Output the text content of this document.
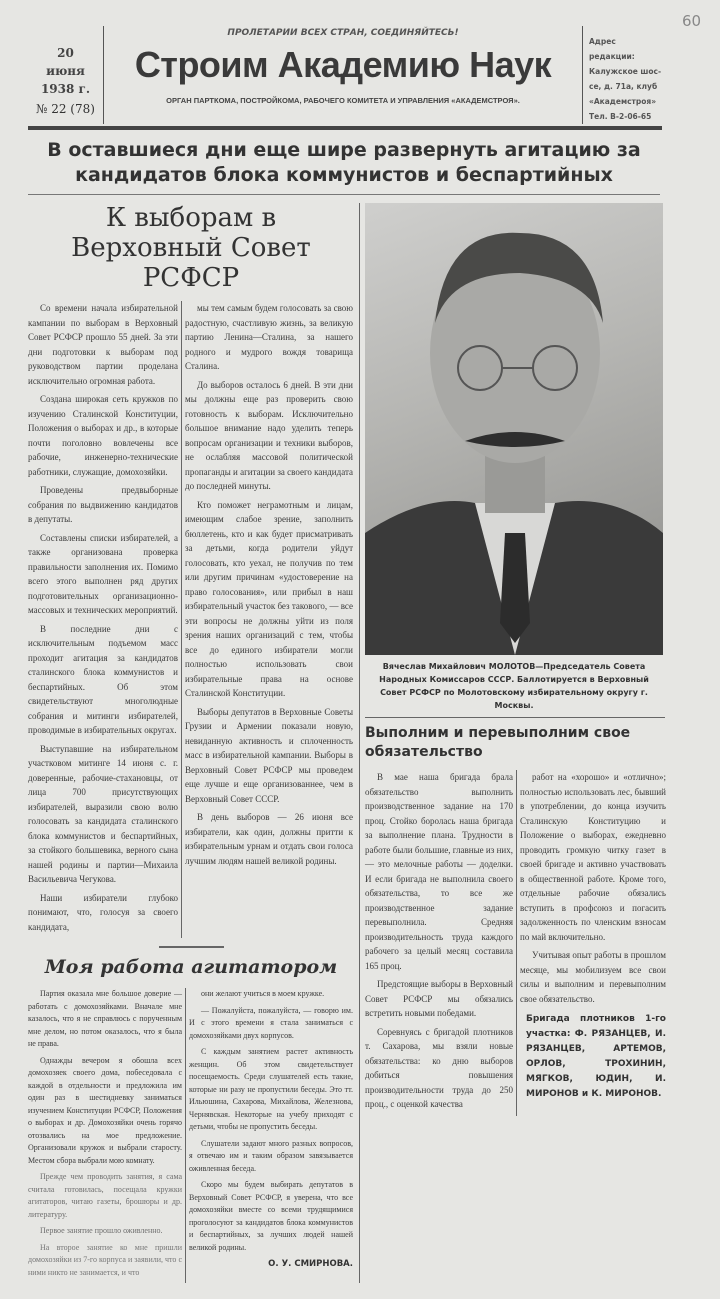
60
20
июня
1938 г.
№ 22 (78)
ПРОЛЕТАРИИ ВСЕХ СТРАН, СОЕДИНЯЙТЕСЬ!
Строим Академию Наук
ОРГАН ПАРТКОМА, ПОСТРОЙКОМА, РАБОЧЕГО КОМИТЕТА И УПРАВЛЕНИЯ «АКАДЕМСТРОЯ».
Адрес редакции:
Калужское шос-
се, д. 71а, клуб
«Академстроя»
Тел. В-2-06-65
В оставшиеся дни еще шире развернуть агитацию за кандидатов блока коммунистов и беспартийных
К выборам в Верховный Совет РСФСР

Со времени начала избирательной кампании по выборам в Верховный Совет РСФСР прошло 55 дней. За эти дни подготовки к выборам под руководством партии проделана исключительно огромная работа.

Создана широкая сеть кружков по изучению Сталинской Конституции, Положения о выборах и др., в которые почти поголовно вовлечены все рабочие, инженерно-технические работники, служащие, домохозяйки.

Проведены предвыборные собрания по выдвижению кандидатов в депутаты.

Составлены списки избирателей, а также организована проверка правильности заполнения их. Помимо всего этого выполнен ряд других подготовительных организационно-массовых и технических мероприятий.

В последние дни с исключительным подъемом масс проходит агитация за кандидатов сталинского блока коммунистов и беспартийных. Об этом свидетельствуют многолюдные собрания и митинги избирателей, проводимые в избирательных округах.

Выступавшие на избирательном участковом митинге 14 июня с. г. доверенные, рабочие-стахановцы, от лица 700 присутствующих избирателей, выразили свою волю голосовать за кандидата сталинского блока коммунистов и беспартийных, за стойкого большевика, верного сына нашей родины и партии—Михаила Васильевича Чегукова.

Наши избиратели глубоко понимают, что, голосуя за своего кандидата,

мы тем самым будем голосовать за свою радостную, счастливую жизнь, за великую партию Ленина—Сталина, за нашего родного и мудрого вождя товарища Сталина.

До выборов осталось 6 дней. В эти дни мы должны еще раз проверить свою готовность к выборам. Исключительно большое внимание надо уделить теперь вопросам организации и техники выборов, не ослабляя массовой политической пропаганды и агитации за своего кандидата до последней минуты.

Кто поможет неграмотным и лицам, имеющим слабое зрение, заполнить бюллетень, кто и как будет присматривать за детьми, когда родители уйдут голосовать, кто уехал, не получив по тем или другим причинам «удостоверение на право голосования», или прибыл в наш избирательный участок без такового, — все эти вопросы не должны уйти из поля зрения наших организаций с тем, чтобы все до единого избиратели могли полностью использовать свои избирательные права на основе Сталинской Конституции.

Выборы депутатов в Верховные Советы Грузии и Армении показали новую, невиданную активность и сплоченность масс в избирательной кампании. Выборы в Верховный Совет РСФСР мы проведем еще лучше и еще организованнее, чем в Верховный Совет СССР.

В день выборов — 26 июня все избиратели, как один, должны притти к избирательным урнам и отдать свои голоса лучшим людям нашей великой родины.

Моя работа агитатором

Партия оказала мне большое доверие — работать с домохозяйками. Вначале мне казалось, что я не справлюсь с порученным мне делом, но потом оказалось, что я была не права.

Однажды вечером я обошла всех домохозяек своего дома, побеседовала с каждой в отдельности и предложила им один раз в шестидневку заниматься изучением Конституции РСФСР, Положения о выборах и др. Домохозяйки очень горячо отозвались на мое предложение. Организовали кружок и выбрали старосту. Местом сбора выбрали мою комнату.

Прежде чем проводить занятия, я сама считала готовилась, посещала кружки агитаторов, читаю газеты, брошюры и др. литературу.

Первое занятие прошло оживленно.

На второе занятие ко мне пришли домохозяйки из 7-го корпуса и заявили, что с ними никто не занимается, и что

они желают учиться в моем кружке.

— Пожалуйста, пожалуйста, — говорю им. И с этого времени я стала заниматься с домохозяйками двух корпусов.

С каждым занятием растет активность женщин. Об этом свидетельствует посещаемость. Среди слушателей есть такие, которые ни разу не пропустили беседы. Это тт. Ильюшина, Сахарова, Михайлова, Железнова, Чернявская. Некоторые на учебу приходят с детьми, чтобы не пропустить беседы.

Слушатели задают много разных вопросов, я отвечаю им и таким образом завязывается оживленная беседа.

Скоро мы будем выбирать депутатов в Верховный Совет РСФСР, я уверена, что все домохозяйки вместе со всеми трудящимися проголосуют за кандидатов блока коммунистов и беспартийных, за лучших людей нашей великой родины.

О. У. СМИРНОВА.
Вячеслав Михайлович МОЛОТОВ—Председатель Совета Народных Комиссаров СССР. Баллотируется в Верховный Совет РСФСР по Молотовскому избирательному округу г. Москвы.
Выполним и перевыполним свое обязательство

В мае наша бригада брала обязательство выполнить производственное задание на 170 проц. Стойко боролась наша бригада за выполнение плана. Трудности в работе были большие, главные из них, — это мелочные работы — доделки. И если бригада не выполнила своего обязательства, то все же производственное задание перевыполнила. Средняя производительность труда каждого рабочего за целый месяц составила 165 проц.

Предстоящие выборы в Верховный Совет РСФСР мы обязались встретить новыми победами.

Соревнуясь с бригадой плотников т. Сахарова, мы взяли новые обязательства: ко дню выборов добиться повышения производительности труда до 250 проц., с оценкой качества

работ на «хорошо» и «отлично»; полностью использовать лес, бывший в употреблении, до конца изучить Сталинскую Конституцию и Положение о выборах, ежедневно проводить громкую читку газет в своей бригаде и активно участвовать в общественной работе. Кроме того, отдельные рабочие обязались вступить в профсоюз и погасить задолженность по членским взносам по май включительно.

Учитывая опыт работы в прошлом месяце, мы мобилизуем все свои силы и выполним и перевыполним свое обязательство.

Бригада плотников 1-го участка: Ф. РЯЗАНЦЕВ, И. РЯЗАНЦЕВ, АРТЕМОВ, ОРЛОВ, ТРОХИНИН, МЯГКОВ, ЮДИН, И. МИРОНОВ и К. МИРОНОВ.
